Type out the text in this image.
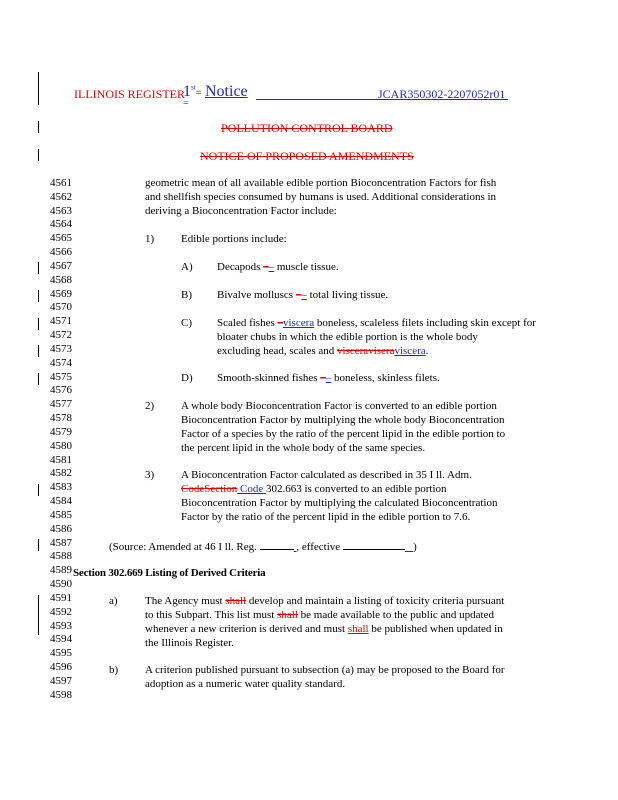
ILLINOIS REGISTER
1st= Notice	JCAR350302-2207052r01
=
POLLUTION CONTROL BOARD
NOTICE OF PROPOSED AMENDMENTS
4561
4562
4563
4564
4565
4566
4567
4568
4569
4570
4571
4572
4573
4574
4575
4576
4577
4578
4579
4580
4581
4582
4583
4584
4585
4586
4587
4588
4589
4590
4591
4592
4593
4594
4595
4596
4597
4598
geometric mean of all available edible portion Bioconcentration Factors for fish
and shellfish species consumed by humans is used. Additional considerations in
deriving a Bioconcentration Factor include:
1) Edible portions include:
A) Decapods –– muscle tissue.
B) Bivalve molluscs –– total living tissue.
C) Scaled fishes –viscera boneless, scaleless filets including skin except for
bloater chubs in which the edible portion is the whole body
excluding head, scales and visceraviseraviscera.
D) Smooth-skinned fishes –– boneless, skinless filets.
2) A whole body Bioconcentration Factor is converted to an edible portion
Bioconcentration Factor by multiplying the whole body Bioconcentration
Factor of a species by the ratio of the percent lipid in the edible portion to
the percent lipid in the whole body of the same species.
3) A Bioconcentration Factor calculated as described in 35 I ll. Adm.
CodeSection Code 302.663 is converted to an edible portion
Bioconcentration Factor by multiplying the calculated Bioconcentration
Factor by the ratio of the percent lipid in the edible portion to 7.6.
(Source: Amended at 46 I ll. Reg.	, effective	)
Section 302.669 Listing of Derived Criteria
a) The Agency must shall develop and maintain a listing of toxicity criteria pursuant
to this Subpart. This list must shall be made available to the public and updated
whenever a new criterion is derived and must shall be published when updated in
the Illinois Register.
b) A criterion published pursuant to subsection (a) may be proposed to the Board for
adoption as a numeric water quality standard.
